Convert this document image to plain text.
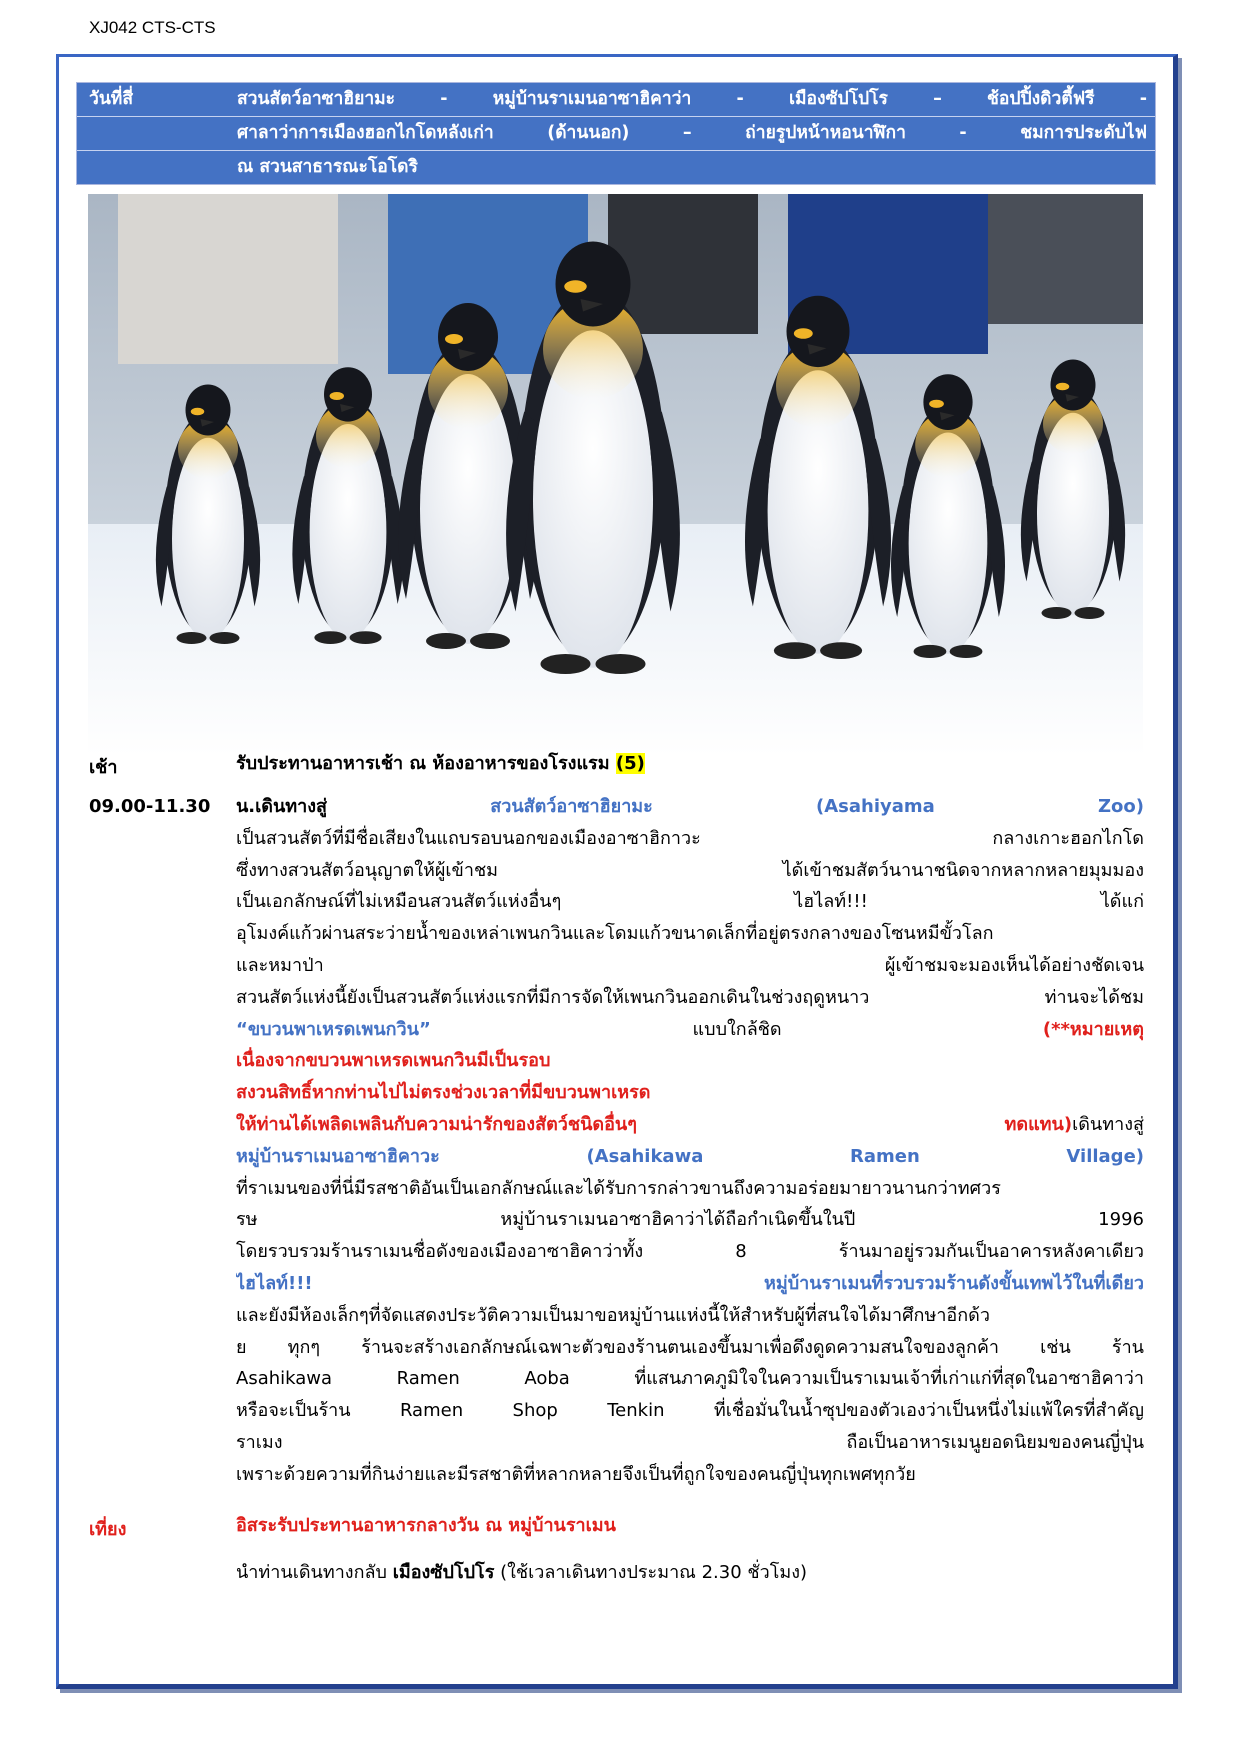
XJ042 CTS-CTS
วันที่สี่	สวนสัตว์อาซาฮิยามะ - หมู่บ้านราเมนอาซาฮิคาว่า - เมืองซัปโปโร – ช้อปปิ้งดิวตี้ฟรี -
ศาลาว่าการเมืองฮอกไกโดหลังเก่า (ด้านนอก) – ถ่ายรูปหน้าหอนาฬิกา - ชมการประดับไฟ
ณ สวนสาธารณะโอโดริ
เช้า	รับประทานอาหารเช้า ณ ห้องอาหารของโรงแรม (5)
09.00-11.30 น.เดินทางสู่ สวนสัตว์อาซาฮิยามะ (Asahiyama Zoo)
เป็นสวนสัตว์ที่มีชื่อเสียงในแถบรอบนอกของเมืองอาซาฮิกาวะ กลางเกาะฮอกไกโด
ซึ่งทางสวนสัตว์อนุญาตให้ผู้เข้าชม ได้เข้าชมสัตว์นานาชนิดจากหลากหลายมุมมอง
เป็นเอกลักษณ์ที่ไม่เหมือนสวนสัตว์แห่งอื่นๆ ไฮไลท์!!! ได้แก่
อุโมงค์แก้วผ่านสระว่ายน้ำของเหล่าเพนกวินและโดมแก้วขนาดเล็กที่อยู่ตรงกลางของโซนหมีขั้วโลก
และหมาป่า ผู้เข้าชมจะมองเห็นได้อย่างชัดเจน
สวนสัตว์แห่งนี้ยังเป็นสวนสัตว์แห่งแรกที่มีการจัดให้เพนกวินออกเดินในช่วงฤดูหนาว ท่านจะได้ชม
“ขบวนพาเหรดเพนกวิน” แบบใกล้ชิด (**หมายเหตุ
เนื่องจากขบวนพาเหรดเพนกวินมีเป็นรอบ
สงวนสิทธิ์หากท่านไปไม่ตรงช่วงเวลาที่มีขบวนพาเหรด
ให้ท่านได้เพลิดเพลินกับความน่ารักของสัตว์ชนิดอื่นๆ ทดแทน)เดินทางสู่
หมู่บ้านราเมนอาซาฮิคาวะ (Asahikawa Ramen Village)
ที่ราเมนของที่นี่มีรสชาติอันเป็นเอกลักษณ์และได้รับการกล่าวขานถึงความอร่อยมายาวนานกว่าทศวร
รษ หมู่บ้านราเมนอาซาฮิคาว่าได้ถือกำเนิดขึ้นในปี 1996
โดยรวบรวมร้านราเมนชื่อดังของเมืองอาซาฮิคาว่าทั้ง 8 ร้านมาอยู่รวมกันเป็นอาคารหลังคาเดียว
ไฮไลท์!!! หมู่บ้านราเมนที่รวบรวมร้านดังขั้นเทพไว้ในที่เดียว
และยังมีห้องเล็กๆที่จัดแสดงประวัติความเป็นมาขอหมู่บ้านแห่งนี้ให้สำหรับผู้ที่สนใจได้มาศึกษาอีกด้ว
ย ทุกๆ ร้านจะสร้างเอกลักษณ์เฉพาะตัวของร้านตนเองขึ้นมาเพื่อดึงดูดความสนใจของลูกค้า เช่น ร้าน
Asahikawa Ramen Aoba ที่แสนภาคภูมิใจในความเป็นราเมนเจ้าที่เก่าแก่ที่สุดในอาซาฮิคาว่า
หรือจะเป็นร้าน Ramen Shop Tenkin ที่เชื่อมั่นในน้ำซุปของตัวเองว่าเป็นหนึ่งไม่แพ้ใครที่สำคัญ
ราเมง ถือเป็นอาหารเมนูยอดนิยมของคนญี่ปุ่น
เพราะด้วยความที่กินง่ายและมีรสชาติที่หลากหลายจึงเป็นที่ถูกใจของคนญี่ปุ่นทุกเพศทุกวัย
เที่ยง	อิสระรับประทานอาหารกลางวัน ณ หมู่บ้านราเมน
นำท่านเดินทางกลับ เมืองซัปโปโร (ใช้เวลาเดินทางประมาณ 2.30 ชั่วโมง)
